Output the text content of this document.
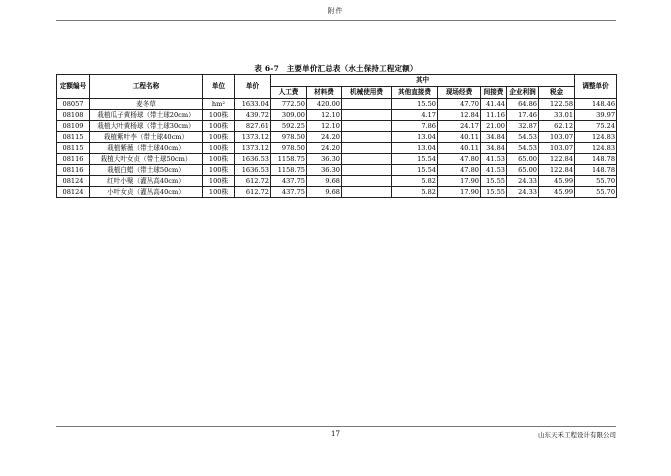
附件
表 6-7　主要单价汇总表（水土保持工程定额）
定额编号	工程名称	单位	单价	其中								调整单价
				人工费	材料费	机械使用费	其他直接费	现场经费	间接费	企业利润	税金	
08057	麦冬草	hm²	1633.04	772.50	420.00		15.50	47.70	41.44	64.86	122.58	148.46
08108	栽植瓜子黄杨球（带土球20cm）	100株	439.72	309.00	12.10		4.17	12.84	11.16	17.46	33.01	39.97
08109	栽植大叶黄杨球（带土球30cm）	100株	827.61	592.25	12.10		7.86	24.17	21.00	32.87	62.12	75.24
08115	栽植紫叶李（带土球40cm）	100株	1373.12	978.50	24.20		13.04	40.11	34.84	54.53	103.07	124.83
08115	栽植紫薇（带土球40cm）	100株	1373.12	978.50	24.20		13.04	40.11	34.84	54.53	103.07	124.83
08116	栽植大叶女贞（带土球50cm）	100株	1636.53	1158.75	36.30		15.54	47.80	41.53	65.00	122.84	148.78
08116	栽植白蜡（带土球50cm）	100株	1636.53	1158.75	36.30		15.54	47.80	41.53	65.00	122.84	148.78
08124	红叶小檗（灌丛高40cm）	100株	612.72	437.75	9.68		5.82	17.90	15.55	24.33	45.99	55.70
08124	小叶女贞（灌丛高40cm）	100株	612.72	437.75	9.68		5.82	17.90	15.55	24.33	45.99	55.70
17	山东天禾工程设计有限公司
